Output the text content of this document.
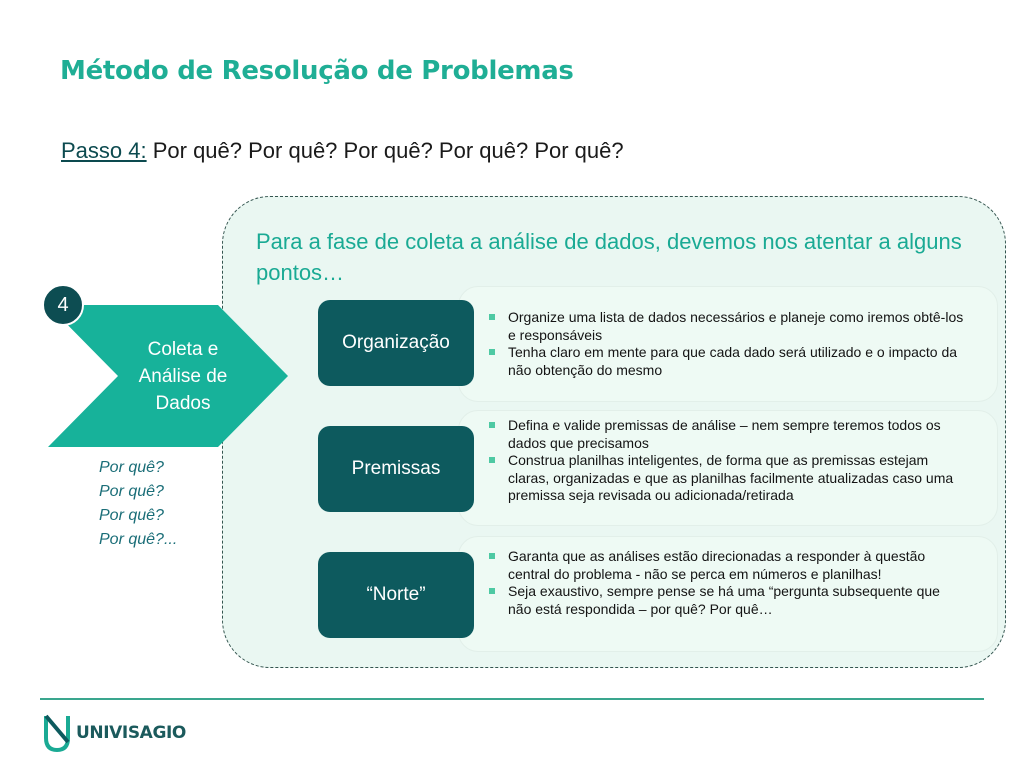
Método de Resolução de Problemas
Passo 4: Por quê? Por quê? Por quê? Por quê? Por quê?
Para a fase de coleta a análise de dados, devemos nos atentar a alguns pontos…
Coleta e
Análise de
Dados
4
Por quê?
Por quê?
Por quê?
Por quê?...
Organização
Organize uma lista de dados necessários e planeje como iremos obtê-los e responsáveis
Tenha claro em mente para que cada dado será utilizado e o impacto da não obtenção do mesmo
Premissas
Defina e valide premissas de análise – nem sempre teremos todos os dados que precisamos
Construa planilhas inteligentes, de forma que as premissas estejam claras, organizadas e que as planilhas facilmente atualizadas caso uma premissa seja revisada ou adicionada/retirada
“Norte”
Garanta que as análises estão direcionadas a responder à questão central do problema - não se perca em números e planilhas!
Seja exaustivo, sempre pense se há uma “pergunta subsequente que não está respondida – por quê? Por quê…
UNIVISAGIO
